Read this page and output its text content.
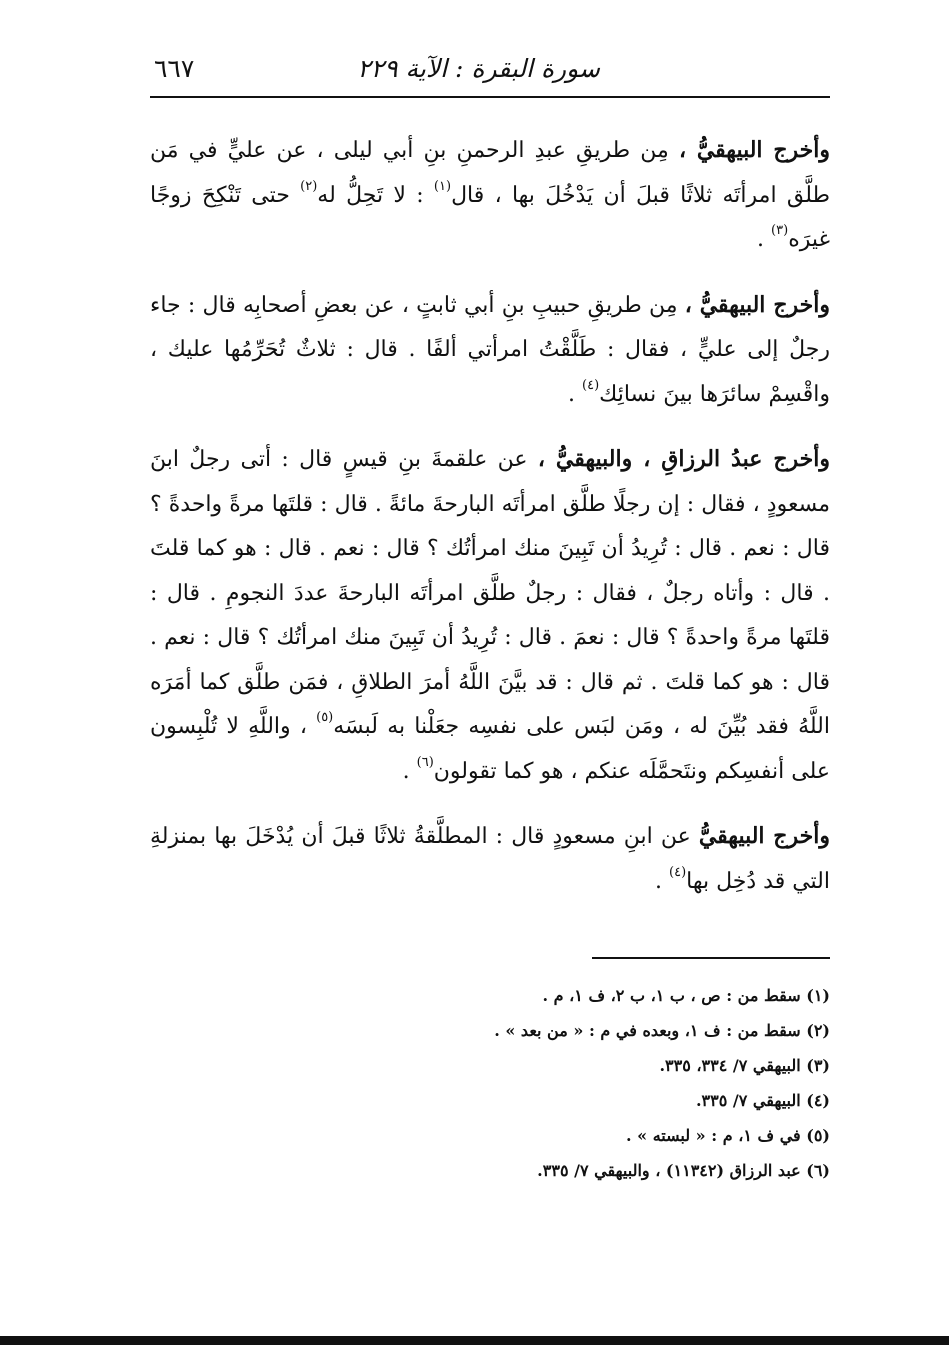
سورة البقرة : الآية ٢٢٩
٦٦٧

وأخرج البيهقيُّ ، مِن طريقِ عبدِ الرحمنِ بنِ أبي ليلى ، عن عليٍّ في مَن طلَّق امرأتَه ثلاثًا قبلَ أن يَدْخُلَ بها ، قال$^{(١)}$ : لا تَحِلُّ له$^{(٢)}$ حتى تَنْكِحَ زوجًا غيرَه$^{(٣)}$ .

وأخرج البيهقيُّ ، مِن طريقِ حبيبِ بنِ أبي ثابتٍ ، عن بعضِ أصحابِه قال : جاء رجلٌ إلى عليٍّ ، فقال : طَلَّقْتُ امرأتي ألفًا . قال : ثلاثٌ تُحَرِّمُها عليك ، واقْسِمْ سائرَها بينَ نسائِك$^{(٤)}$ .

وأخرج عبدُ الرزاقِ ، والبيهقيُّ ، عن علقمةَ بنِ قيسٍ قال : أتى رجلٌ ابنَ مسعودٍ ، فقال : إن رجلًا طلَّق امرأتَه البارحةَ مائةً . قال : قلتَها مرةً واحدةً ؟ قال : نعم . قال : تُرِيدُ أن تَبِينَ منك امرأتُك ؟ قال : نعم . قال : هو كما قلتَ . قال : وأتاه رجلٌ ، فقال : رجلٌ طلَّق امرأتَه البارحةَ عددَ النجومِ . قال : قلتَها مرةً واحدةً ؟ قال : نعمَ . قال : تُرِيدُ أن تَبِينَ منك امرأتُك ؟ قال : نعم . قال : هو كما قلتَ . ثم قال : قد بيَّنَ اللَّهُ أمرَ الطلاقِ ، فمَن طلَّق كما أمَرَه اللَّهُ فقد بُيِّنَ له ، ومَن لبَس على نفسِه جعَلْنا به لَبسَه$^{(٥)}$ ، واللَّهِ لا تُلْبِسون على أنفسِكم ونتَحمَّلَه عنكم ، هو كما تقولون$^{(٦)}$ .

وأخرج البيهقيُّ عن ابنِ مسعودٍ قال : المطلَّقةُ ثلاثًا قبلَ أن يُدْخَلَ بها بمنزلةِ التي قد دُخِل بها$^{(٤)}$ .

(١) سقط من : ص ، ب ١، ب ٢، ف ١، م .
(٢) سقط من : ف ١، وبعده في م : « من بعد » .
(٣) البيهقي ٧/ ٣٣٤، ٣٣٥.
(٤) البيهقي ٧/ ٣٣٥.
(٥) في ف ١، م : « لبسته » .
(٦) عبد الرزاق (١١٣٤٢) ، والبيهقي ٧/ ٣٣٥.
